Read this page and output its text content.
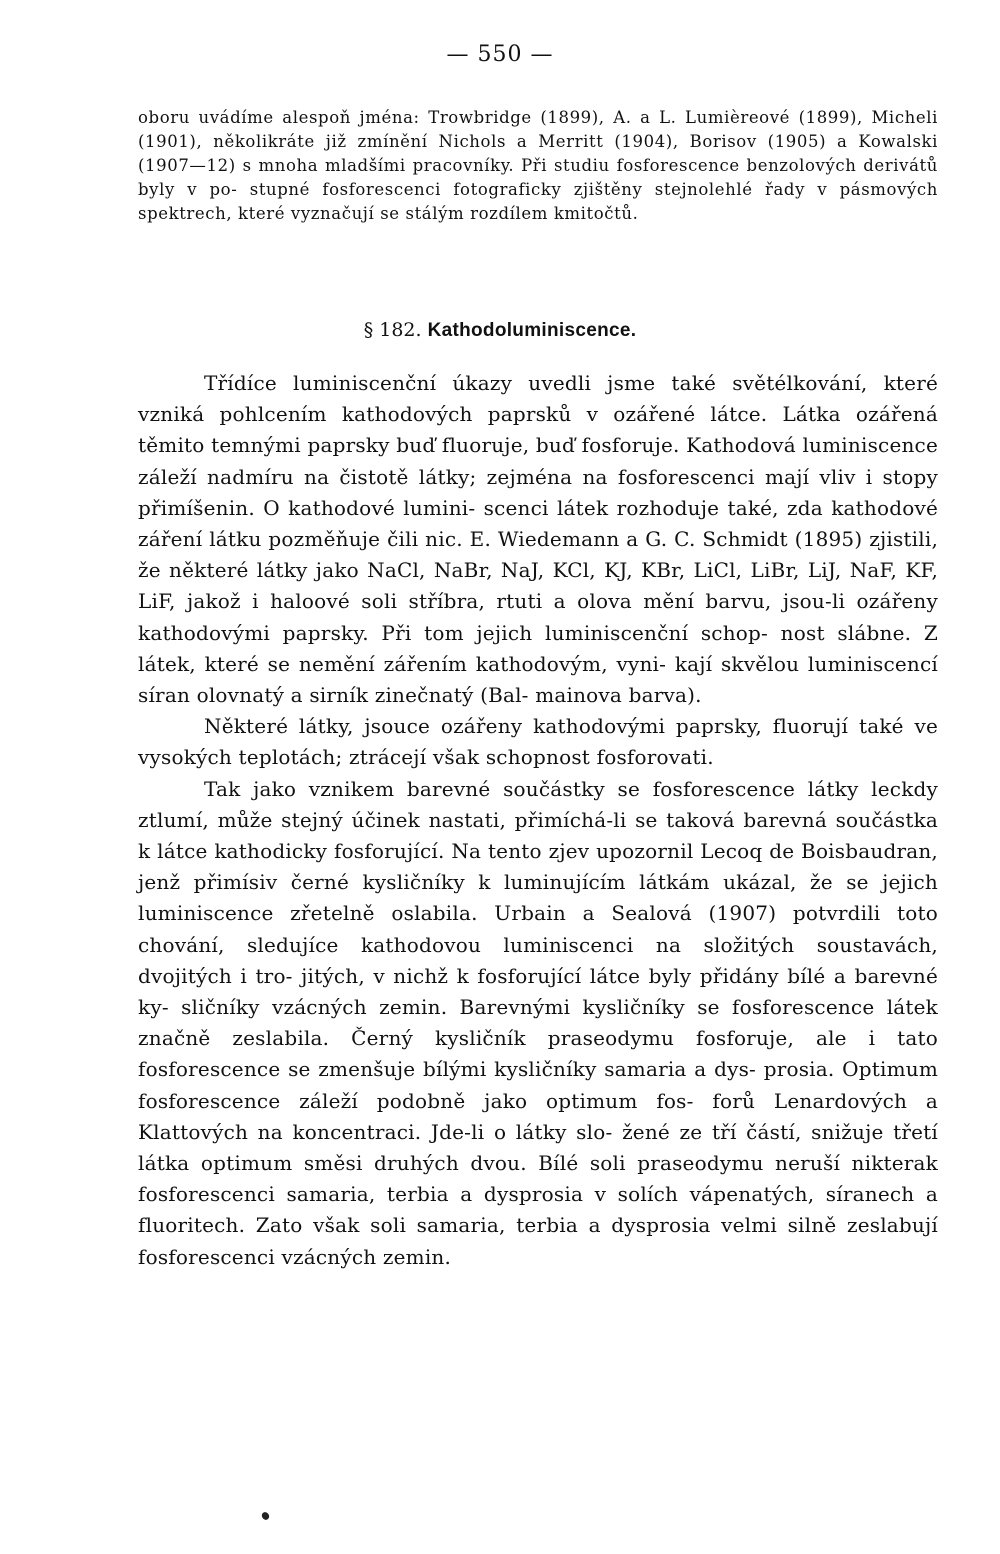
— 550 —
oboru uvádíme alespoň jména: Trowbridge (1899), A. a L. Lumièreové (1899), Micheli (1901), několikráte již zmínění Nichols a Merritt (1904), Borisov (1905) a Kowalski (1907—12) s mnoha mladšími pracovníky. Při studiu fosforescence benzolových derivátů byly v po- stupné fosforescenci fotograficky zjištěny stejnolehlé řady v pásmových spektrech, které vyznačují se stálým rozdílem kmitočtů.
§ 182. Kathodoluminiscence.

Třídíce luminiscenční úkazy uvedli jsme také světélkování, které vzniká pohlcením kathodových paprsků v ozářené látce. Látka ozářená těmito temnými paprsky buď fluoruje, buď fosforuje. Kathodová luminiscence záleží nadmíru na čistotě látky; zejména na fosforescenci mají vliv i stopy přimíšenin. O kathodové lumini- scenci látek rozhoduje také, zda kathodové záření látku pozměňuje čili nic. E. Wiedemann a G. C. Schmidt (1895) zjistili, že některé látky jako NaCl, NaBr, NaJ, KCl, KJ, KBr, LiCl, LiBr, LiJ, NaF, KF, LiF, jakož i haloové soli stříbra, rtuti a olova mění barvu, jsou-li ozářeny kathodovými paprsky. Při tom jejich luminiscenční schop- nost slábne. Z látek, které se nemění zářením kathodovým, vyni- kají skvělou luminiscencí síran olovnatý a sirník zinečnatý (Bal- mainova barva).

Některé látky, jsouce ozářeny kathodovými paprsky, fluorují také ve vysokých teplotách; ztrácejí však schopnost fosforovati.

Tak jako vznikem barevné součástky se fosforescence látky leckdy ztlumí, může stejný účinek nastati, přimíchá-li se taková barevná součástka k látce kathodicky fosforující. Na tento zjev upozornil Lecoq de Boisbaudran, jenž přimísiv černé kysličníky k luminujícím látkám ukázal, že se jejich luminiscence zřetelně oslabila. Urbain a Sealová (1907) potvrdili toto chování, sledujíce kathodovou luminiscenci na složitých soustavách, dvojitých i tro- jitých, v nichž k fosforující látce byly přidány bílé a barevné ky- sličníky vzácných zemin. Barevnými kysličníky se fosforescence látek značně zeslabila. Černý kysličník praseodymu fosforuje, ale i tato fosforescence se zmenšuje bílými kysličníky samaria a dys- prosia. Optimum fosforescence záleží podobně jako optimum fos- forů Lenardových a Klattových na koncentraci. Jde-li o látky slo- žené ze tří částí, snižuje třetí látka optimum směsi druhých dvou. Bílé soli praseodymu neruší nikterak fosforescenci samaria, terbia a dysprosia v solích vápenatých, síranech a fluoritech. Zato však soli samaria, terbia a dysprosia velmi silně zeslabují fosforescenci vzácných zemin.
